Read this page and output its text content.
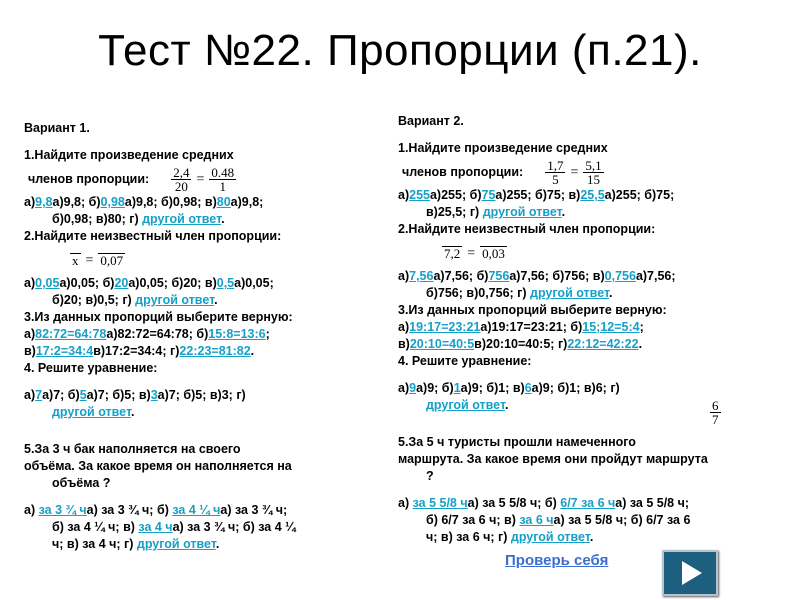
Тест №22. Пропорции (п.21).
Вариант 1.
1.Найдите произведение средних
членов пропорции: $\frac{2,4}{20} = \frac{0.48}{1}$
а)9,8а)9,8; б)0,98а)9,8; б)0,98; в)80а)9,8;
б)0,98; в)80; г) другой ответ.
2.Найдите неизвестный член пропорции:
x = 0,07
а)0,05а)0,05; б)20а)0,05; б)20; в)0,5а)0,05;
б)20; в)0,5; г) другой ответ.
3.Из данных пропорций выберите верную:
а)82:72=64:78а)82:72=64:78; б)15:8=13:6;
в)17:2=34:4в)17:2=34:4; г)22:23=81:82.
4. Решите уравнение:
а)7а)7; б)5а)7; б)5; в)3а)7; б)5; в)3; г)
другой ответ.
5.За 3 ч бак наполняется на своего
объёма. За какое время он наполняется на
объёма ?
а) за 3 ¾ ча) за 3 ¾ ч; б) за 4 ¼ ча) за 3 ¾ ч;
б) за 4 ¼ ч; в) за 4 ча) за 3 ¾ ч; б) за 4 ¼
ч; в) за 4 ч; г) другой ответ.
Вариант 2.
1.Найдите произведение средних
членов пропорции: $\frac{1,7}{5} = \frac{5,1}{15}$
а)255а)255; б)75а)255; б)75; в)25,5а)255; б)75;
в)25,5; г) другой ответ.
2.Найдите неизвестный член пропорции:
7,2 = 0,03
а)7,56а)7,56; б)756а)7,56; б)756; в)0,756а)7,56;
б)756; в)0,756; г) другой ответ.
3.Из данных пропорций выберите верную:
а)19:17=23:21а)19:17=23:21; б)15;12=5:4;
в)20:10=40:5в)20:10=40:5; г)22:12=42:22.
4. Решите уравнение:
а)9а)9; б)1а)9; б)1; в)6а)9; б)1; в)6; г)
другой ответ.	$\frac{6}{7}$
5.За 5 ч туристы прошли намеченного
маршрута. За какое время они пройдут маршрута
?
а) за 5 5/8 ча) за 5 5/8 ч; б) 6/7 за 6 ча) за 5 5/8 ч;
б) 6/7 за 6 ч; в) за 6 ча) за 5 5/8 ч; б) 6/7 за 6
ч; в) за 6 ч; г) другой ответ.
Проверь себя
